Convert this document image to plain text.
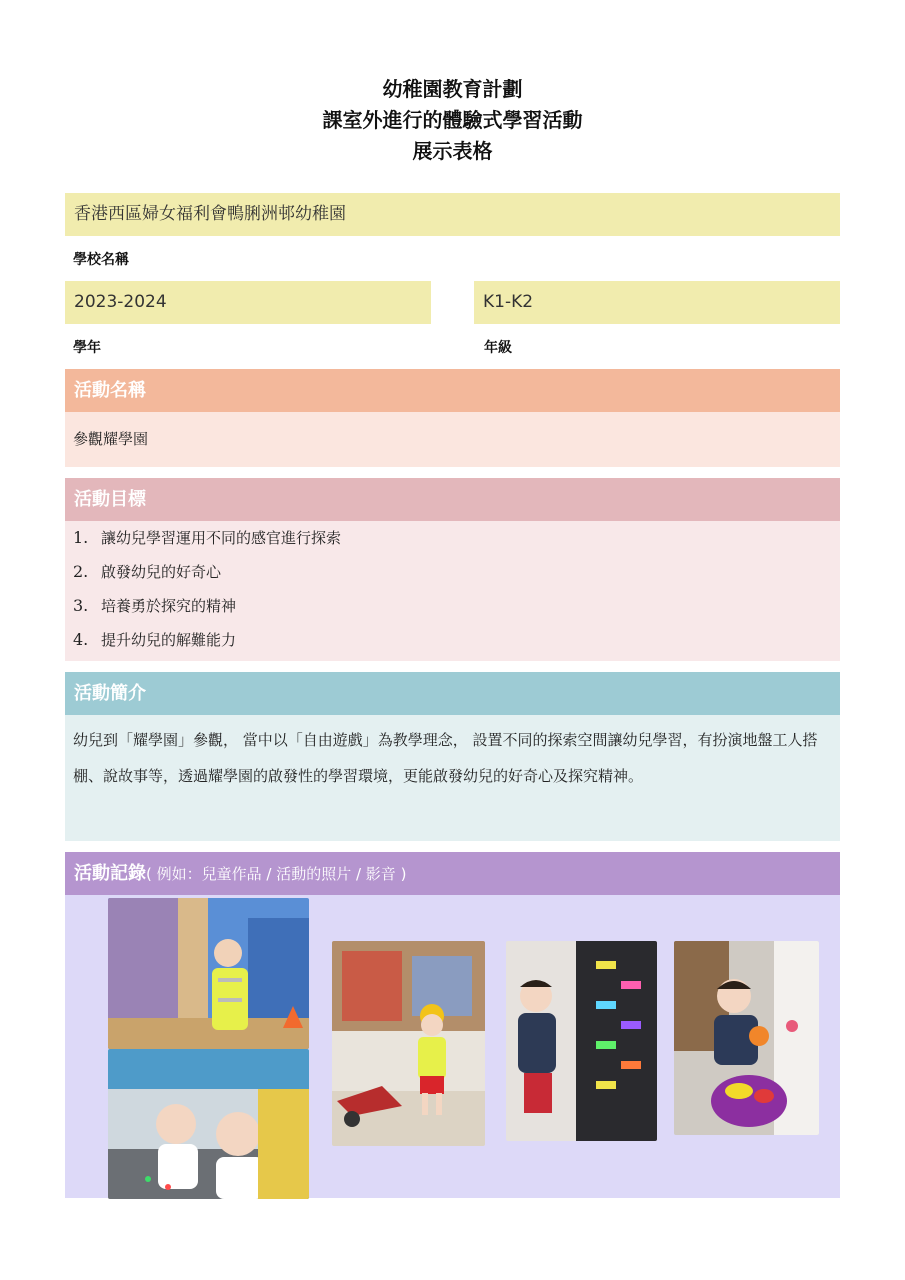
幼稚園教育計劃
課室外進行的體驗式學習活動
展示表格
香港西區婦女福利會鴨脷洲邨幼稚園
學校名稱
2023-2024	K1-K2
學年	年級
活動名稱
參觀耀學園
活動目標
1. 讓幼兒學習運用不同的感官進行探索
2. 啟發幼兒的好奇心
3. 培養勇於探究的精神
4. 提升幼兒的解難能力
活動簡介
幼兒到「耀學園」參觀， 當中以「自由遊戲」為教學理念， 設置不同的探索空間讓幼兒學習，有扮演地盤工人搭棚、說故事等，透過耀學園的啟發性的學習環境，更能啟發幼兒的好奇心及探究精神。
活動記錄( 例如：兒童作品 / 活動的照片 / 影音 )
